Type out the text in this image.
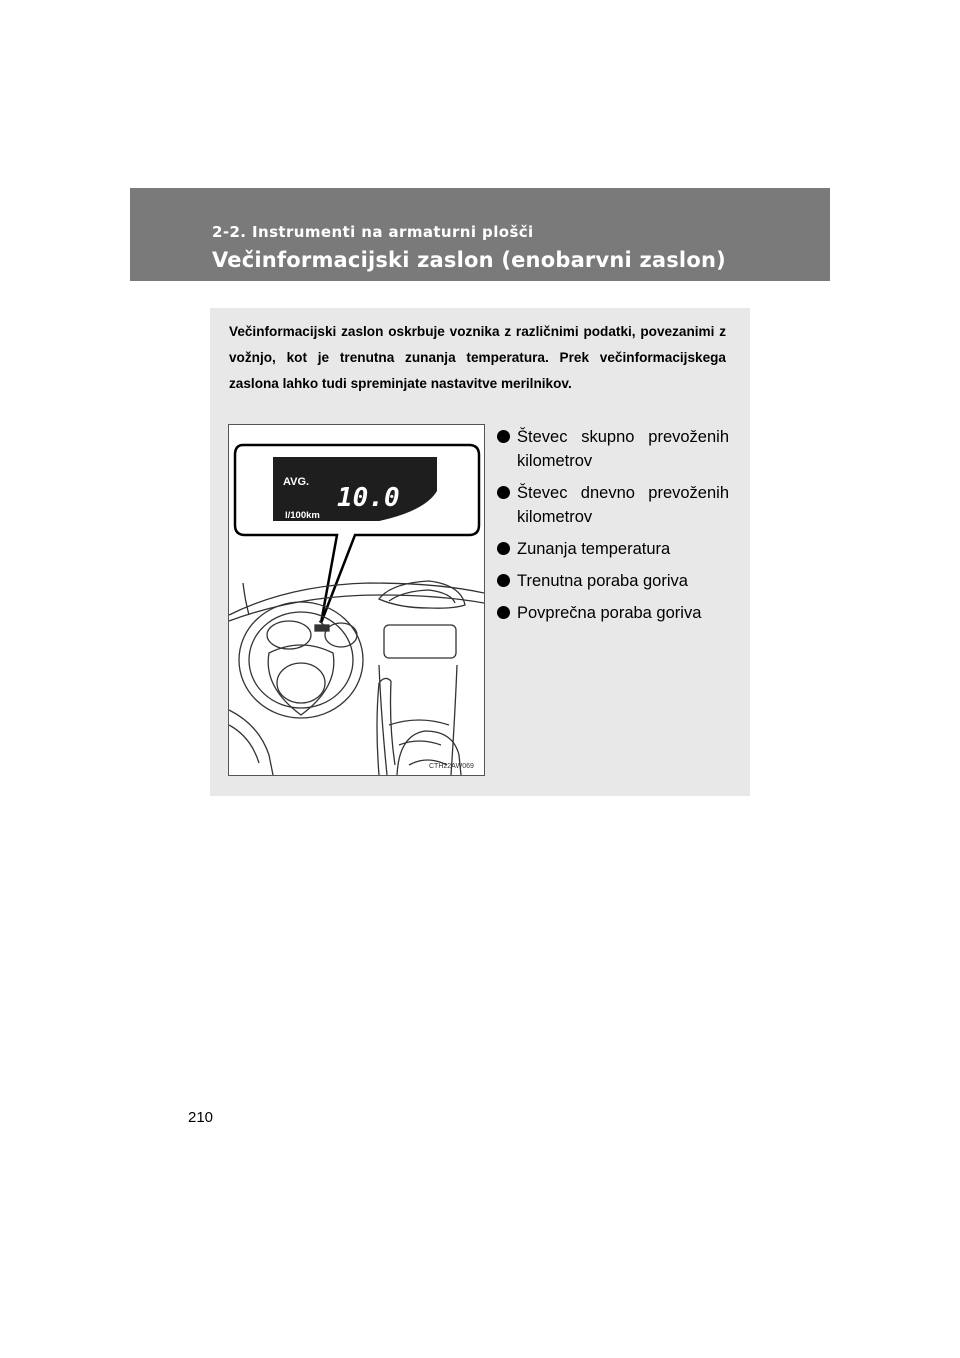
2-2. Instrumenti na armaturni plošči
Večinformacijski zaslon (enobarvni zaslon)

Večinformacijski zaslon oskrbuje voznika z različnimi podatki, povezanimi z vožnjo, kot je trenutna zunanja temperatura. Prek večinformacijskega zaslona lahko tudi spreminjate nastavitve merilnikov.

AVG.
10.0
l/100km
CTH22AW069
Števec skupno prevoženih
kilometrov
Števec dnevno prevoženih
kilometrov
Zunanja temperatura
Trenutna poraba goriva
Povprečna poraba goriva
210
